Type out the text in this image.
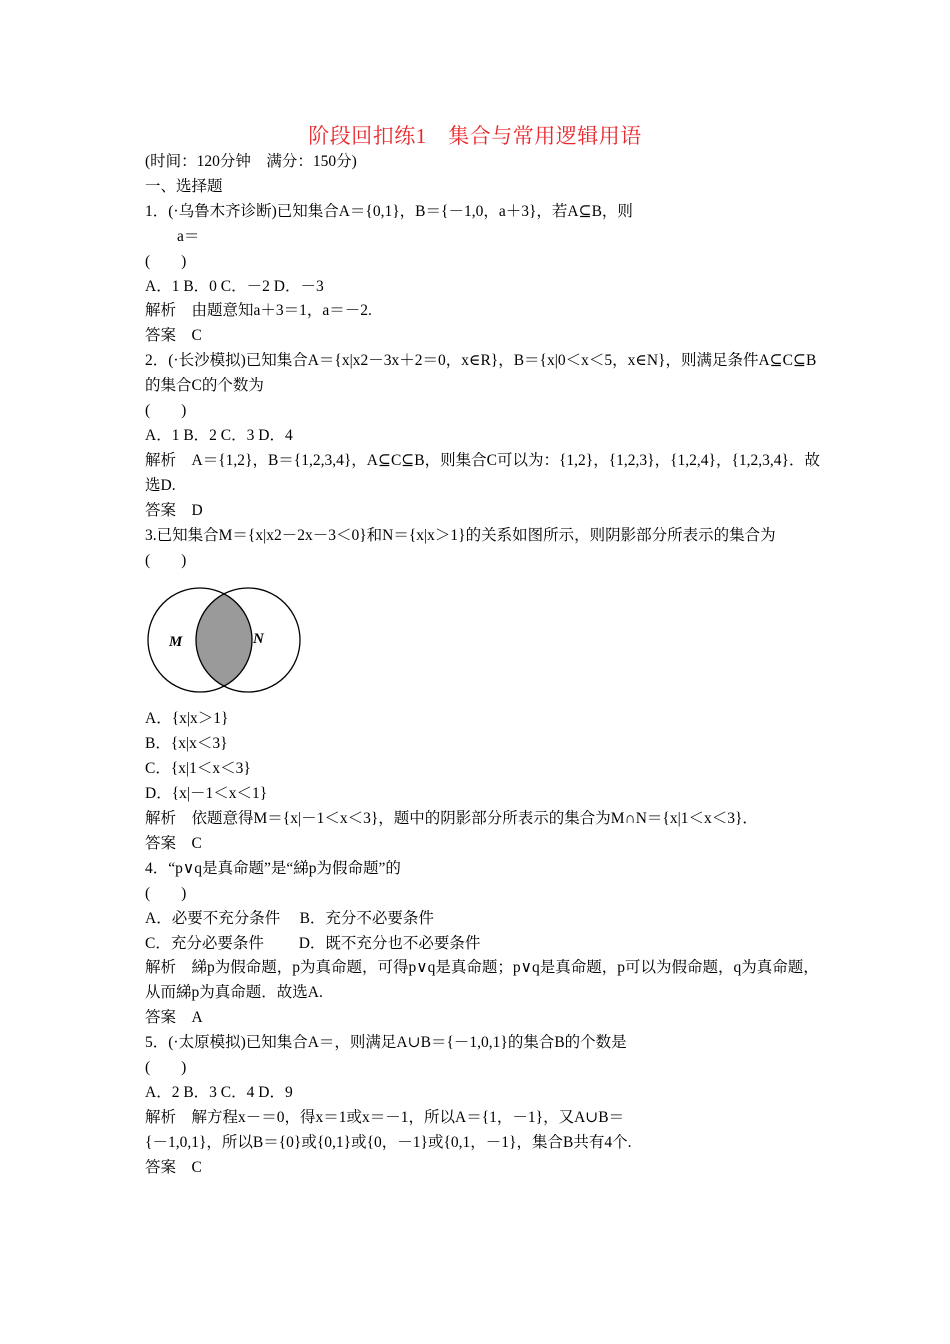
阶段回扣练1　集合与常用逻辑用语
(时间：120分钟　满分：150分)
一、选择题
1．(·乌鲁木齐诊断)已知集合A＝{0,1}，B＝{－1,0，a＋3}，若A⊆B，则
a＝
(　　)
A．1 B．0 C．－2 D．－3
解析　由题意知a＋3＝1，a＝－2.
答案　C
2．(·长沙模拟)已知集合A＝{x|x2－3x＋2＝0，x∈R}，B＝{x|0＜x＜5，x∈N}，则满足条件A⊆C⊆B的集合C的个数为
(　　)
A．1 B．2 C．3 D．4
解析　A＝{1,2}，B＝{1,2,3,4}，A⊆C⊆B，则集合C可以为：{1,2}，{1,2,3}，{1,2,4}，{1,2,3,4}．故选D.
答案　D
3.已知集合M＝{x|x2－2x－3＜0}和N＝{x|x＞1}的关系如图所示，则阴影部分所表示的集合为
(　　)
M	N
A．{x|x＞1}
B．{x|x＜3}
C．{x|1＜x＜3}
D．{x|－1＜x＜1}
解析　依题意得M＝{x|－1＜x＜3}，题中的阴影部分所表示的集合为M∩N＝{x|1＜x＜3}．
答案　C
4．“p∨q是真命题”是“綈p为假命题”的
(　　)
A．必要不充分条件　 B．充分不必要条件
C．充分必要条件　　 D．既不充分也不必要条件
解析　綈p为假命题，p为真命题，可得p∨q是真命题；p∨q是真命题，p可以为假命题，q为真命题，从而綈p为真命题．故选A.
答案　A
5．(·太原模拟)已知集合A＝，则满足A∪B＝{－1,0,1}的集合B的个数是
(　　)
A．2 B．3 C．4 D．9
解析　解方程x－＝0，得x＝1或x＝－1，所以A＝{1，－1}，又A∪B＝
{－1,0,1}，所以B＝{0}或{0,1}或{0，－1}或{0,1，－1}，集合B共有4个.
答案　C
